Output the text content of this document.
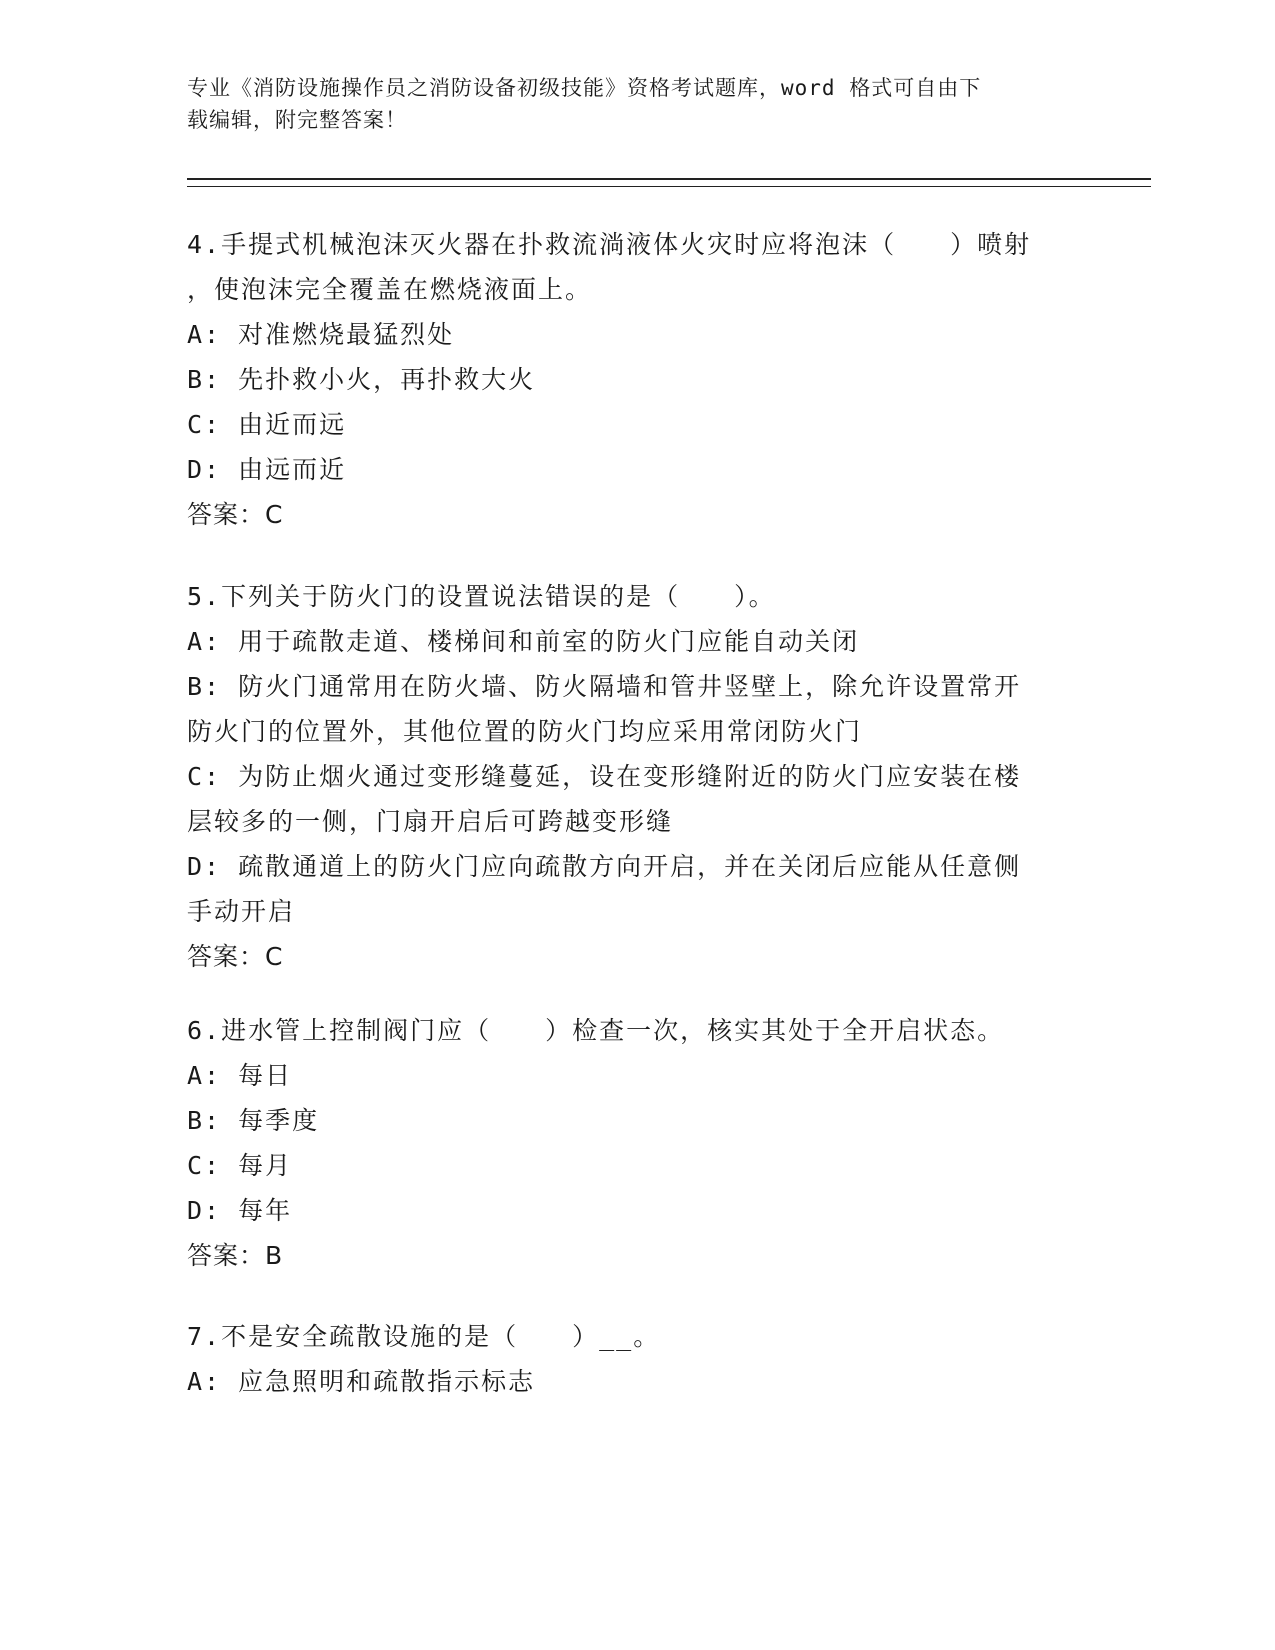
专业《消防设施操作员之消防设备初级技能》资格考试题库，word 格式可自由下
载编辑，附完整答案！
4.手提式机械泡沫灭火器在扑救流淌液体火灾时应将泡沫（　　）喷射
，使泡沫完全覆盖在燃烧液面上。
A: 对准燃烧最猛烈处
B: 先扑救小火，再扑救大火
C: 由近而远
D: 由远而近
答案：C
5.下列关于防火门的设置说法错误的是（　　）。
A: 用于疏散走道、楼梯间和前室的防火门应能自动关闭
B: 防火门通常用在防火墙、防火隔墙和管井竖壁上，除允许设置常开
防火门的位置外，其他位置的防火门均应采用常闭防火门
C: 为防止烟火通过变形缝蔓延，设在变形缝附近的防火门应安装在楼
层较多的一侧，门扇开启后可跨越变形缝
D: 疏散通道上的防火门应向疏散方向开启，并在关闭后应能从任意侧
手动开启
答案：C
6.进水管上控制阀门应（　　）检查一次，核实其处于全开启状态。
A: 每日
B: 每季度
C: 每月
D: 每年
答案：B
7.不是安全疏散设施的是（　　）__。
A: 应急照明和疏散指示标志
